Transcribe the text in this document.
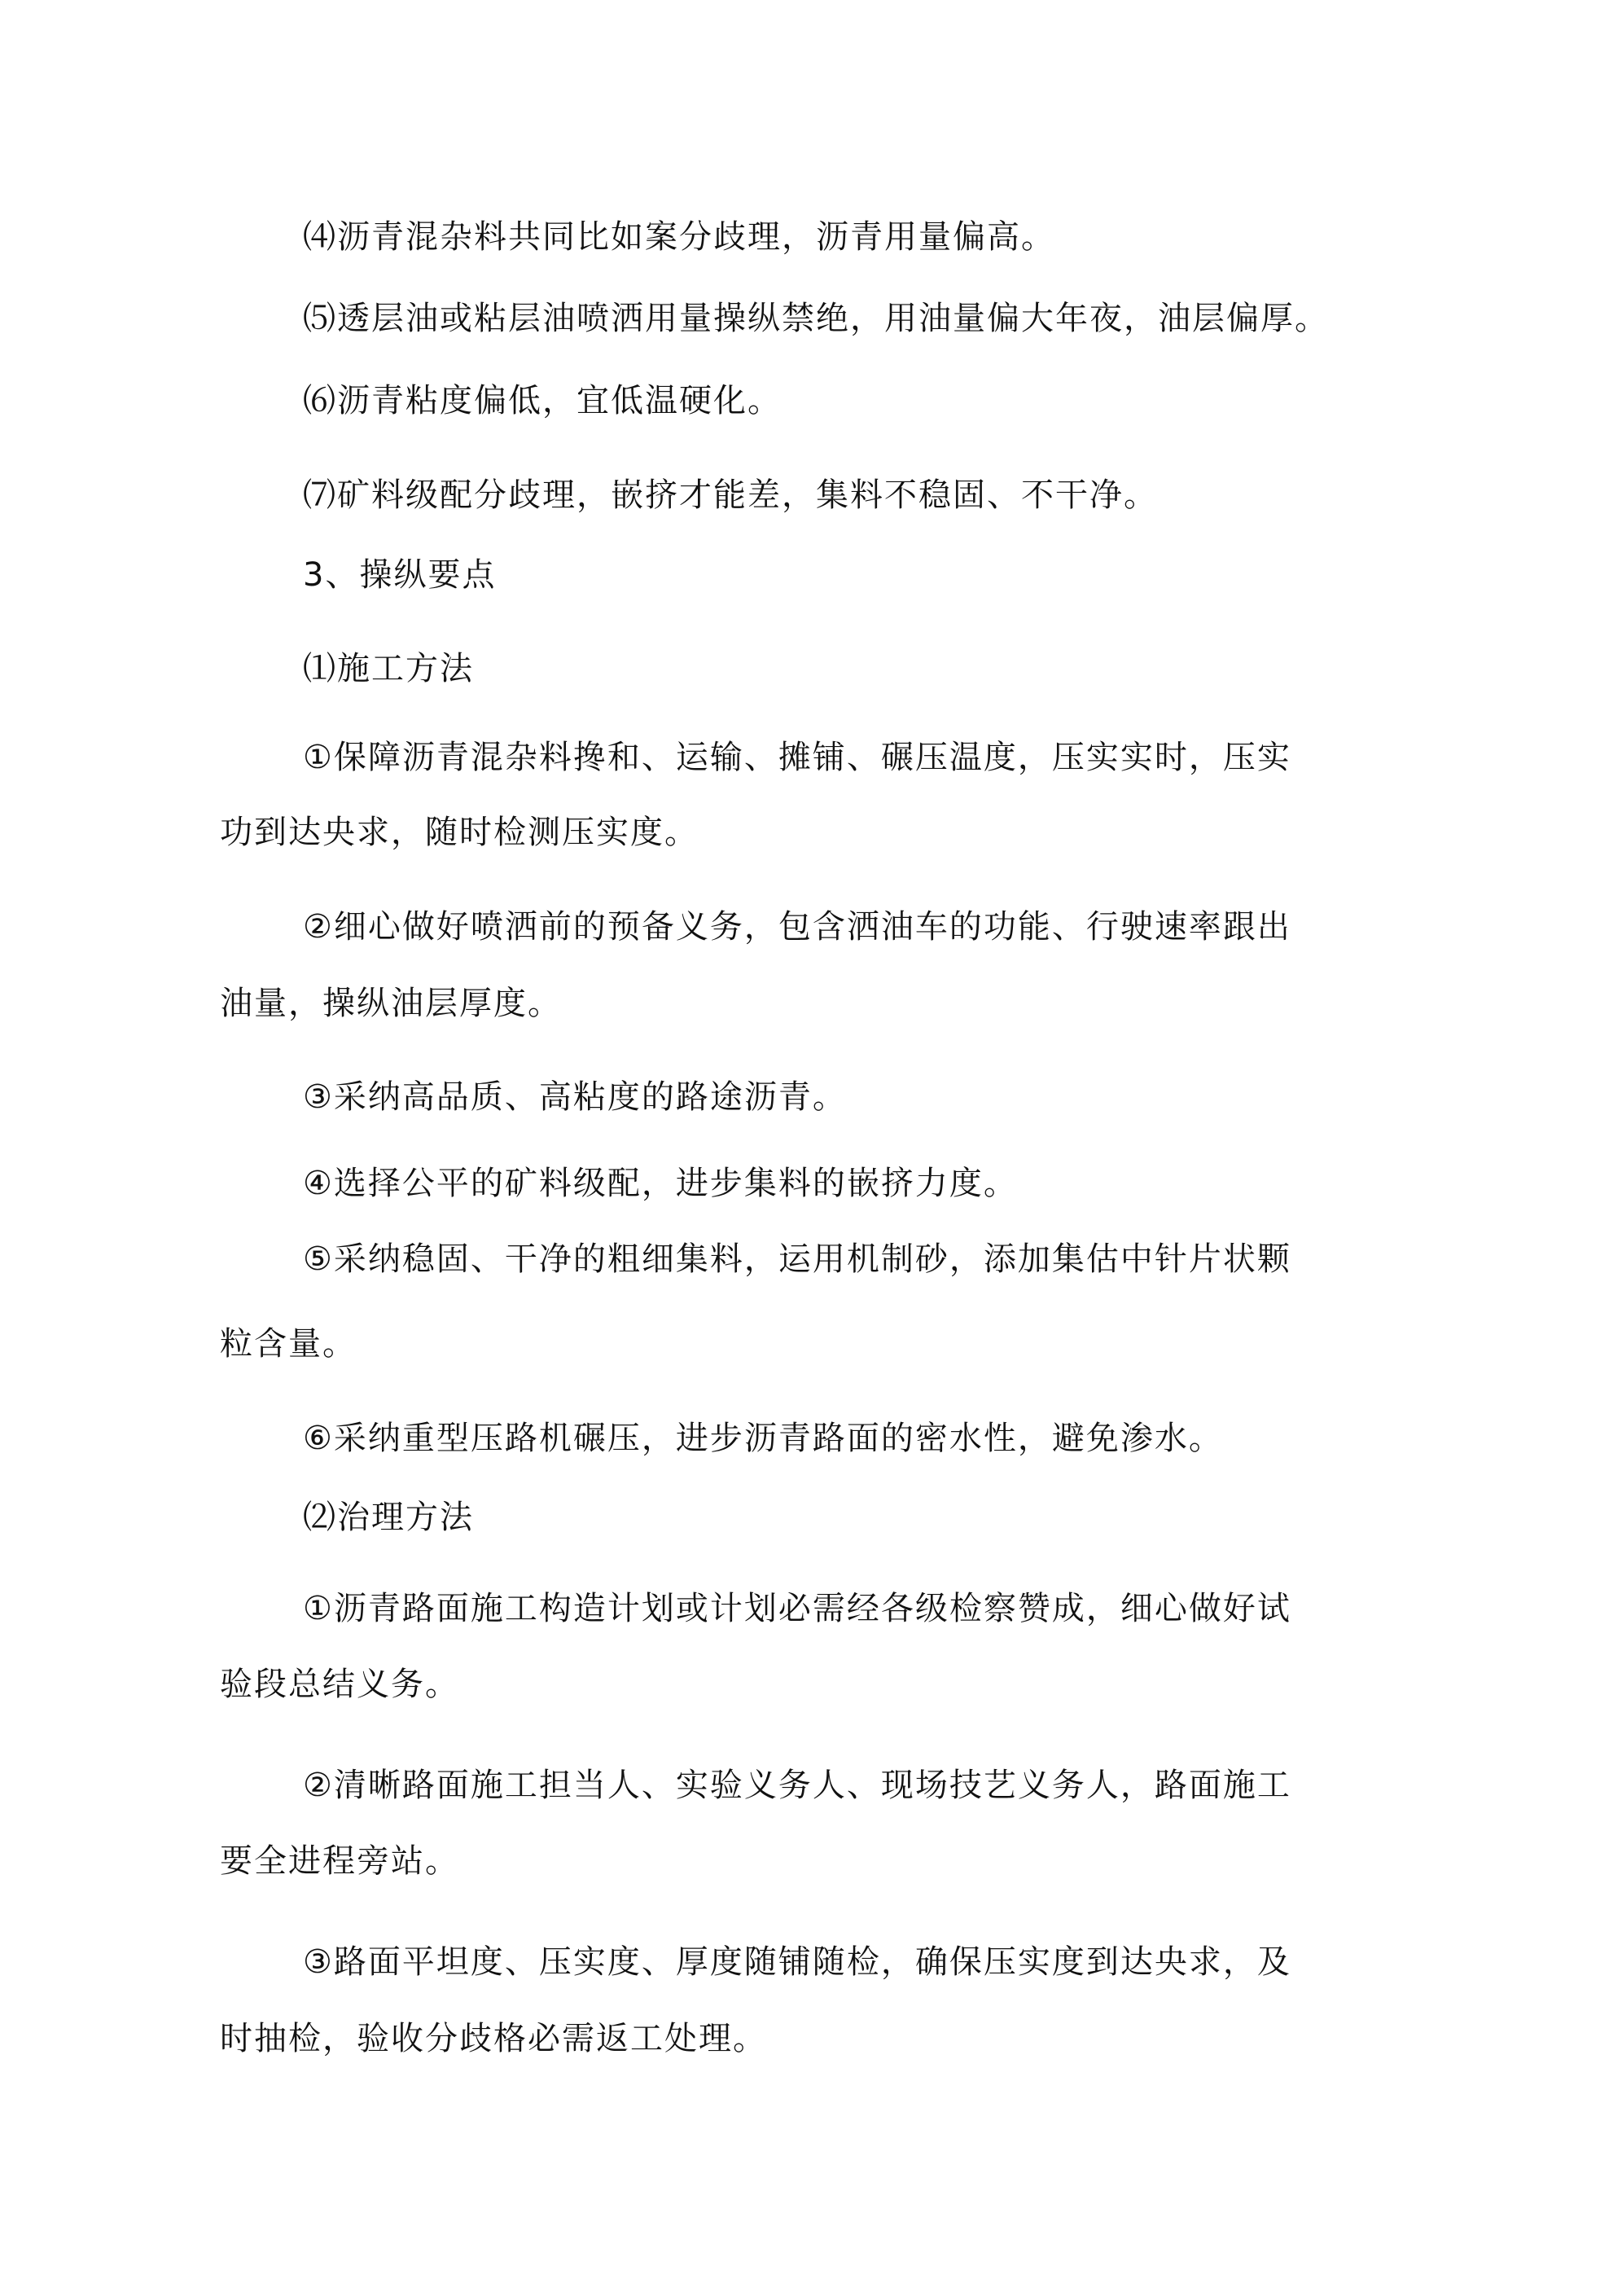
⑷沥青混杂料共同比如案分歧理，沥青用量偏高。
⑸透层油或粘层油喷洒用量操纵禁绝，用油量偏大年夜，油层偏厚。
⑹沥青粘度偏低，宜低温硬化。
⑺矿料级配分歧理，嵌挤才能差，集料不稳固、不干净。
3、操纵要点
⑴施工方法
①保障沥青混杂料搀和、运输、摊铺、碾压温度，压实实时，压实
功到达央求，随时检测压实度。
②细心做好喷洒前的预备义务，包含洒油车的功能、行驶速率跟出
油量，操纵油层厚度。
③采纳高品质、高粘度的路途沥青。
④选择公平的矿料级配，进步集料的嵌挤力度。
⑤采纳稳固、干净的粗细集料，运用机制砂，添加集估中针片状颗
粒含量。
⑥采纳重型压路机碾压，进步沥青路面的密水性，避免渗水。
⑵治理方法
①沥青路面施工构造计划或计划必需经各级检察赞成，细心做好试
验段总结义务。
②清晰路面施工担当人、实验义务人、现场技艺义务人，路面施工
要全进程旁站。
③路面平坦度、压实度、厚度随铺随检，确保压实度到达央求，及
时抽检，验收分歧格必需返工处理。
